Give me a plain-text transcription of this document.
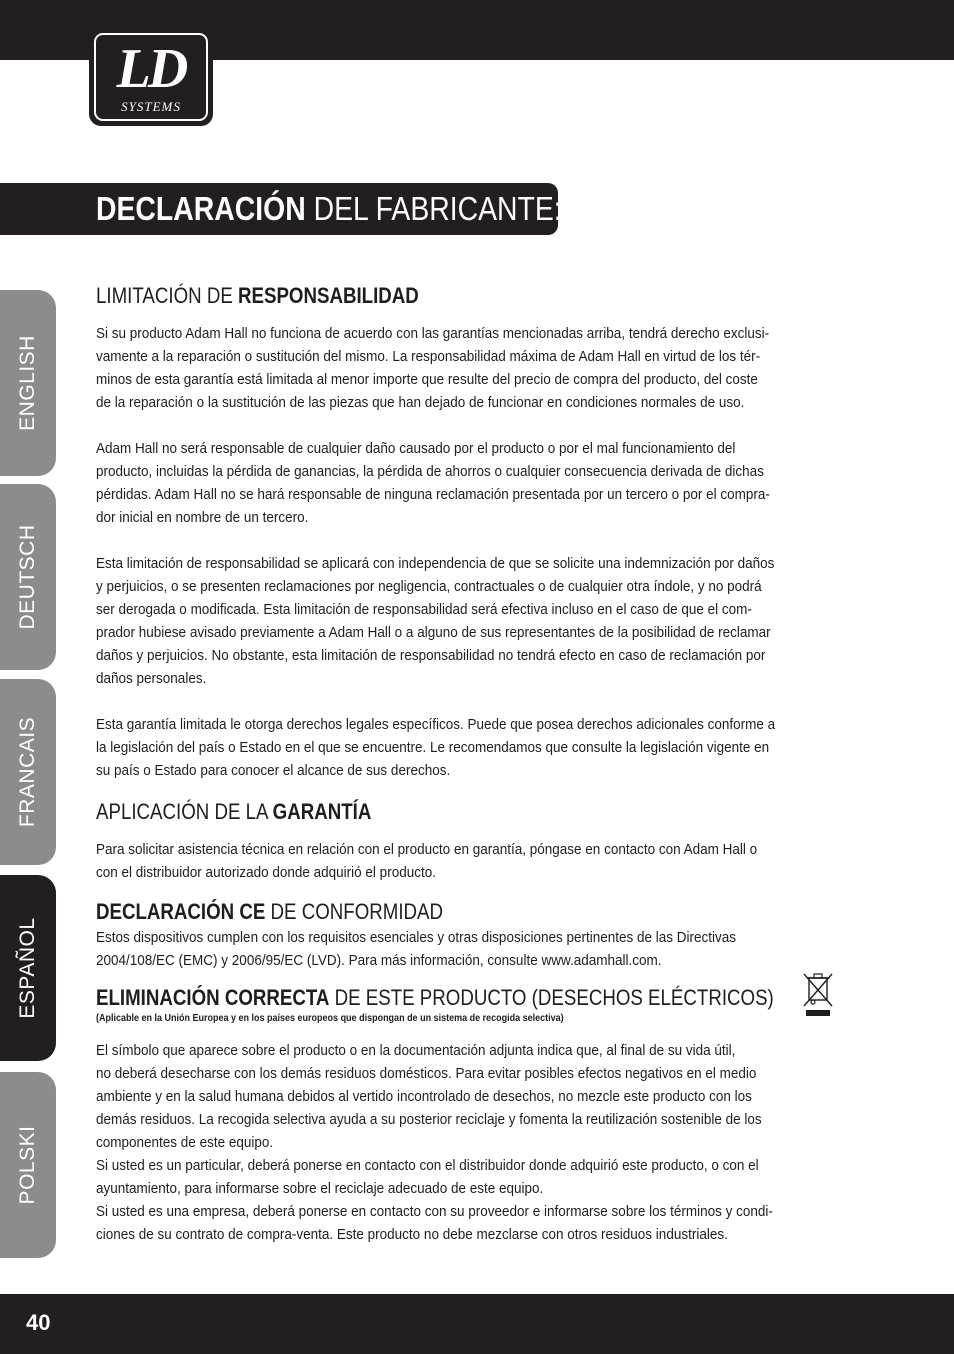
LD
SYSTEMS
DECLARACIÓN DEL FABRICANTE:
ENGLISH
DEUTSCH
FRANCAIS
ESPAÑOL
POLSKI
LIMITACIÓN DE RESPONSABILIDAD

Si su producto Adam Hall no funciona de acuerdo con las garantías mencionadas arriba, tendrá derecho exclusi-
vamente a la reparación o sustitución del mismo. La responsabilidad máxima de Adam Hall en virtud de los tér-
minos de esta garantía está limitada al menor importe que resulte del precio de compra del producto, del coste
de la reparación o la sustitución de las piezas que han dejado de funcionar en condiciones normales de uso.

Adam Hall no será responsable de cualquier daño causado por el producto o por el mal funcionamiento del
producto, incluidas la pérdida de ganancias, la pérdida de ahorros o cualquier consecuencia derivada de dichas
pérdidas. Adam Hall no se hará responsable de ninguna reclamación presentada por un tercero o por el compra-
dor inicial en nombre de un tercero.

Esta limitación de responsabilidad se aplicará con independencia de que se solicite una indemnización por daños
y perjuicios, o se presenten reclamaciones por negligencia, contractuales o de cualquier otra índole, y no podrá
ser derogada o modificada. Esta limitación de responsabilidad será efectiva incluso en el caso de que el com-
prador hubiese avisado previamente a Adam Hall o a alguno de sus representantes de la posibilidad de reclamar
daños y perjuicios. No obstante, esta limitación de responsabilidad no tendrá efecto en caso de reclamación por
daños personales.

Esta garantía limitada le otorga derechos legales específicos. Puede que posea derechos adicionales conforme a
la legislación del país o Estado en el que se encuentre. Le recomendamos que consulte la legislación vigente en
su país o Estado para conocer el alcance de sus derechos.

APLICACIÓN DE LA GARANTÍA

Para solicitar asistencia técnica en relación con el producto en garantía, póngase en contacto con Adam Hall o
con el distribuidor autorizado donde adquirió el producto.

DECLARACIÓN CE DE CONFORMIDAD

Estos dispositivos cumplen con los requisitos esenciales y otras disposiciones pertinentes de las Directivas
2004/108/EC (EMC) y 2006/95/EC (LVD). Para más información, consulte www.adamhall.com.

ELIMINACIÓN CORRECTA DE ESTE PRODUCTO (DESECHOS ELÉCTRICOS)

(Aplicable en la Unión Europea y en los países europeos que dispongan de un sistema de recogida selectiva)

El símbolo que aparece sobre el producto o en la documentación adjunta indica que, al final de su vida útil,
no deberá desecharse con los demás residuos domésticos. Para evitar posibles efectos negativos en el medio
ambiente y en la salud humana debidos al vertido incontrolado de desechos, no mezcle este producto con los
demás residuos. La recogida selectiva ayuda a su posterior reciclaje y fomenta la reutilización sostenible de los
componentes de este equipo.
Si usted es un particular, deberá ponerse en contacto con el distribuidor donde adquirió este producto, o con el
ayuntamiento, para informarse sobre el reciclaje adecuado de este equipo.
Si usted es una empresa, deberá ponerse en contacto con su proveedor e informarse sobre los términos y condi-
ciones de su contrato de compra-venta. Este producto no debe mezclarse con otros residuos industriales.

40
